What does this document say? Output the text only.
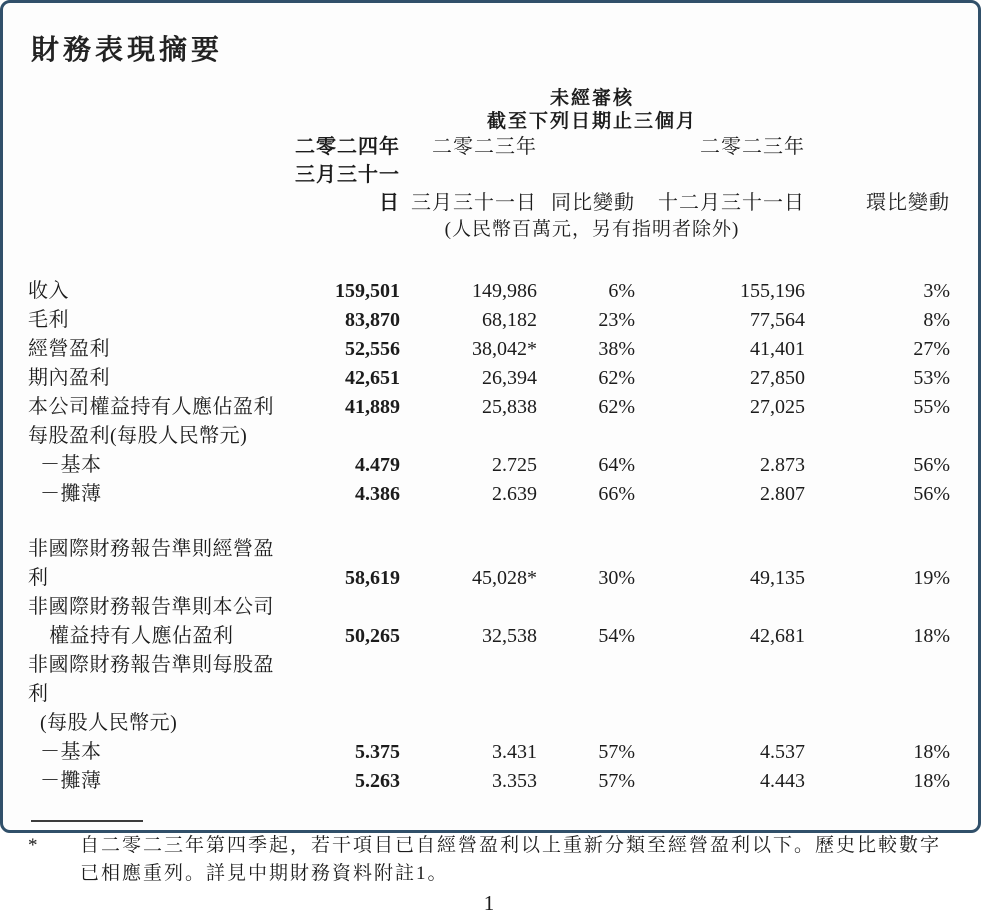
財務表現摘要

	未經審核
截至下列日期止三個月				

	二零二四年	二零二三年		二零二三年	
	三月三十一日	三月三十一日	同比變動	十二月三十一日	環比變動
	(人民幣百萬元，另有指明者除外)				
收入	159,501	149,986	6%	155,196	3%
毛利	83,870	68,182	23%	77,564	8%
經營盈利	52,556	38,042*	38%	41,401	27%
期內盈利	42,651	26,394	62%	27,850	53%
本公司權益持有人應佔盈利	41,889	25,838	62%	27,025	55%
每股盈利(每股人民幣元)					
－基本	4.479	2.725	64%	2.873	56%
－攤薄	4.386	2.639	66%	2.807	56%

非國際財務報告準則經營盈利	58,619	45,028*	30%	49,135	19%
非國際財務報告準則本公司					
權益持有人應佔盈利	50,265	32,538	54%	42,681	18%
非國際財務報告準則每股盈利					
(每股人民幣元)					
－基本	5.375	3.431	57%	4.537	18%
－攤薄	5.263	3.353	57%	4.443	18%
*	自二零二三年第四季起，若干項目已自經營盈利以上重新分類至經營盈利以下。歷史比較數字
已相應重列。詳見中期財務資料附註1。
1
